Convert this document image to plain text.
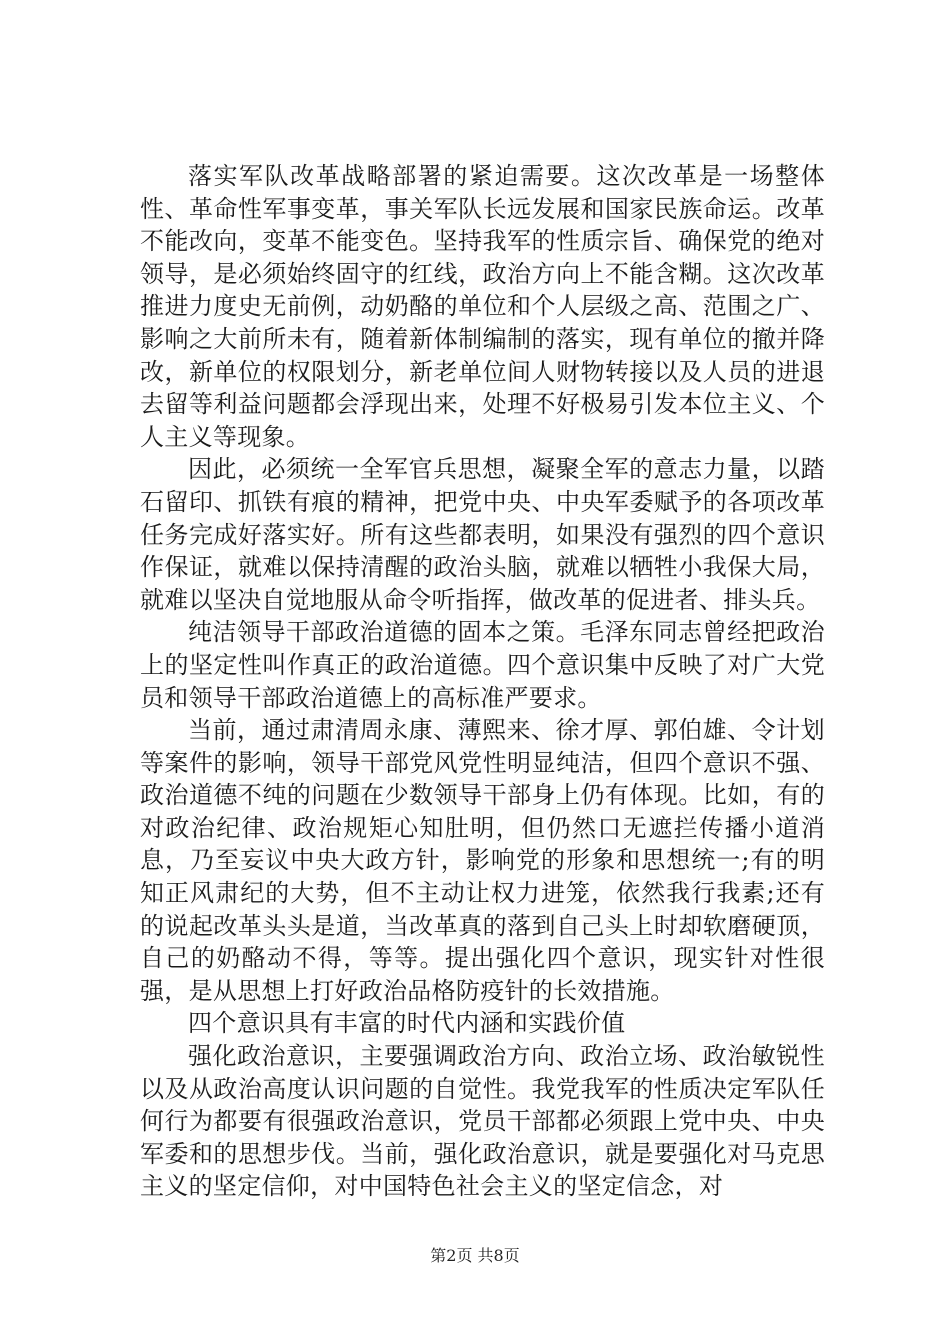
落实军队改革战略部署的紧迫需要。这次改革是一场整体性、革命性军事变革，事关军队长远发展和国家民族命运。改革不能改向，变革不能变色。坚持我军的性质宗旨、确保党的绝对领导，是必须始终固守的红线，政治方向上不能含糊。这次改革推进力度史无前例，动奶酪的单位和个人层级之高、范围之广、影响之大前所未有，随着新体制编制的落实，现有单位的撤并降改，新单位的权限划分，新老单位间人财物转接以及人员的进退去留等利益问题都会浮现出来，处理不好极易引发本位主义、个人主义等现象。

因此，必须统一全军官兵思想，凝聚全军的意志力量，以踏石留印、抓铁有痕的精神，把党中央、中央军委赋予的各项改革任务完成好落实好。所有这些都表明，如果没有强烈的四个意识作保证，就难以保持清醒的政治头脑，就难以牺牲小我保大局，就难以坚决自觉地服从命令听指挥，做改革的促进者、排头兵。

纯洁领导干部政治道德的固本之策。毛泽东同志曾经把政治上的坚定性叫作真正的政治道德。四个意识集中反映了对广大党员和领导干部政治道德上的高标准严要求。

当前，通过肃清周永康、薄熙来、徐才厚、郭伯雄、令计划等案件的影响，领导干部党风党性明显纯洁，但四个意识不强、政治道德不纯的问题在少数领导干部身上仍有体现。比如，有的对政治纪律、政治规矩心知肚明，但仍然口无遮拦传播小道消息，乃至妄议中央大政方针，影响党的形象和思想统一;有的明知正风肃纪的大势，但不主动让权力进笼，依然我行我素;还有的说起改革头头是道，当改革真的落到自己头上时却软磨硬顶，自己的奶酪动不得，等等。提出强化四个意识，现实针对性很强，是从思想上打好政治品格防疫针的长效措施。

四个意识具有丰富的时代内涵和实践价值

强化政治意识，主要强调政治方向、政治立场、政治敏锐性以及从政治高度认识问题的自觉性。我党我军的性质决定军队任何行为都要有很强政治意识，党员干部都必须跟上党中央、中央军委和的思想步伐。当前，强化政治意识，就是要强化对马克思主义的坚定信仰，对中国特色社会主义的坚定信念，对

第2页 共8页
